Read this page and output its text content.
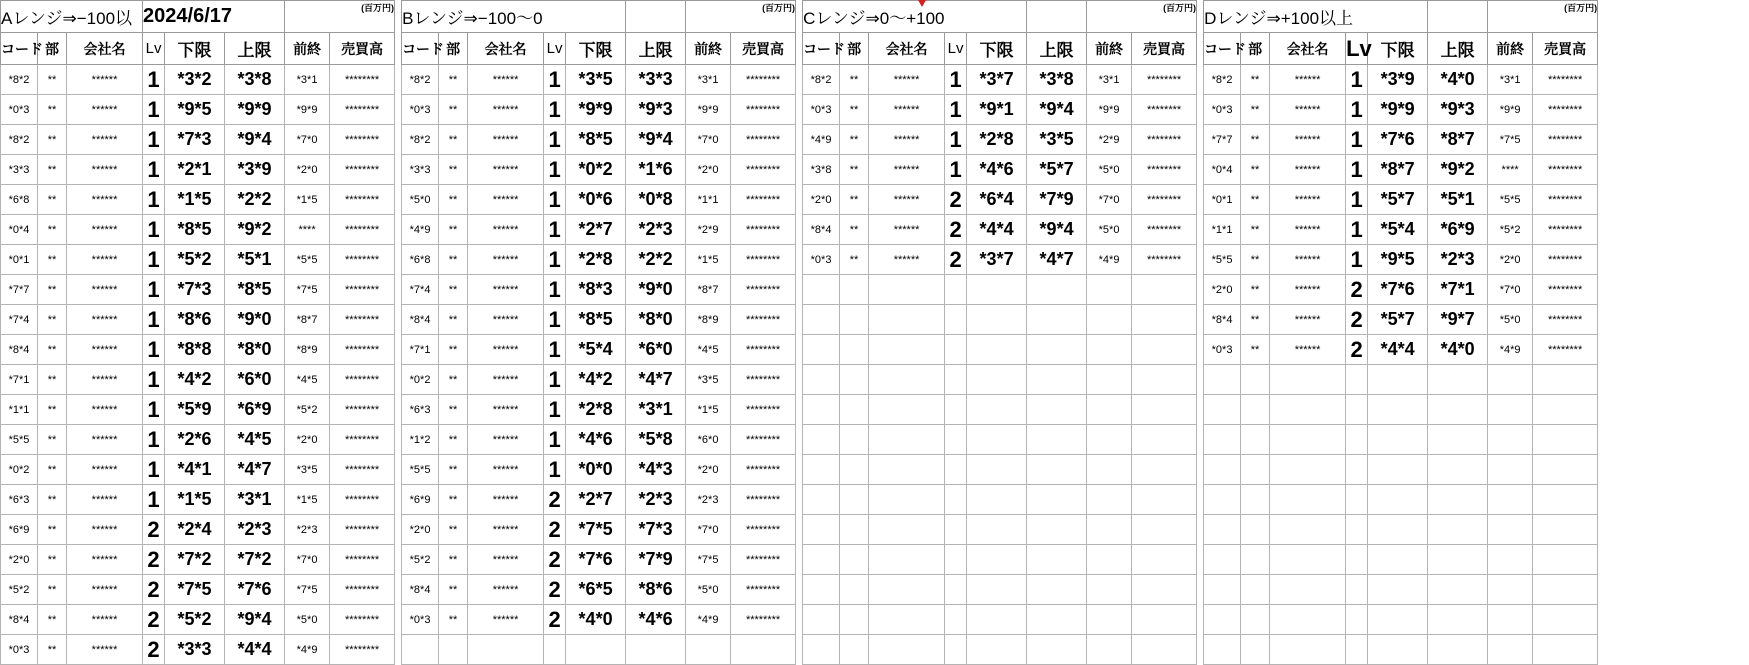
Aレンジ⇒−100以			2024/6/17			(百万円)	
コード	部	会社名	Lv	下限	上限	前終	売買高
*8*2	**	******	1	*3*2	*3*8	*3*1	********
*0*3	**	******	1	*9*5	*9*9	*9*9	********
*8*2	**	******	1	*7*3	*9*4	*7*0	********
*3*3	**	******	1	*2*1	*3*9	*2*0	********
*6*8	**	******	1	*1*5	*2*2	*1*5	********
*0*4	**	******	1	*8*5	*9*2	****	********
*0*1	**	******	1	*5*2	*5*1	*5*5	********
*7*7	**	******	1	*7*3	*8*5	*7*5	********
*7*4	**	******	1	*8*6	*9*0	*8*7	********
*8*4	**	******	1	*8*8	*8*0	*8*9	********
*7*1	**	******	1	*4*2	*6*0	*4*5	********
*1*1	**	******	1	*5*9	*6*9	*5*2	********
*5*5	**	******	1	*2*6	*4*5	*2*0	********
*0*2	**	******	1	*4*1	*4*7	*3*5	********
*6*3	**	******	1	*1*5	*3*1	*1*5	********
*6*9	**	******	2	*2*4	*2*3	*2*3	********
*2*0	**	******	2	*7*2	*7*2	*7*0	********
*5*2	**	******	2	*7*5	*7*6	*7*5	********
*8*4	**	******	2	*5*2	*9*4	*5*0	********
*0*3	**	******	2	*3*3	*4*4	*4*9	********
Bレンジ⇒−100〜0						(百万円)	
コード	部	会社名	Lv	下限	上限	前終	売買高
*8*2	**	******	1	*3*5	*3*3	*3*1	********
*0*3	**	******	1	*9*9	*9*3	*9*9	********
*8*2	**	******	1	*8*5	*9*4	*7*0	********
*3*3	**	******	1	*0*2	*1*6	*2*0	********
*5*0	**	******	1	*0*6	*0*8	*1*1	********
*4*9	**	******	1	*2*7	*2*3	*2*9	********
*6*8	**	******	1	*2*8	*2*2	*1*5	********
*7*4	**	******	1	*8*3	*9*0	*8*7	********
*8*4	**	******	1	*8*5	*8*0	*8*9	********
*7*1	**	******	1	*5*4	*6*0	*4*5	********
*0*2	**	******	1	*4*2	*4*7	*3*5	********
*6*3	**	******	1	*2*8	*3*1	*1*5	********
*1*2	**	******	1	*4*6	*5*8	*6*0	********
*5*5	**	******	1	*0*0	*4*3	*2*0	********
*6*9	**	******	2	*2*7	*2*3	*2*3	********
*2*0	**	******	2	*7*5	*7*3	*7*0	********
*5*2	**	******	2	*7*6	*7*9	*7*5	********
*8*4	**	******	2	*6*5	*8*6	*5*0	********
*0*3	**	******	2	*4*0	*4*6	*4*9	********

Cレンジ⇒0〜+100						(百万円)	
コード	部	会社名	Lv	下限	上限	前終	売買高
*8*2	**	******	1	*3*7	*3*8	*3*1	********
*0*3	**	******	1	*9*1	*9*4	*9*9	********
*4*9	**	******	1	*2*8	*3*5	*2*9	********
*3*8	**	******	1	*4*6	*5*7	*5*0	********
*2*0	**	******	2	*6*4	*7*9	*7*0	********
*8*4	**	******	2	*4*4	*9*4	*5*0	********
*0*3	**	******	2	*3*7	*4*7	*4*9	********

Dレンジ⇒+100以上						(百万円)	
コード	部	会社名	Lv	下限	上限	前終	売買高
*8*2	**	******	1	*3*9	*4*0	*3*1	********
*0*3	**	******	1	*9*9	*9*3	*9*9	********
*7*7	**	******	1	*7*6	*8*7	*7*5	********
*0*4	**	******	1	*8*7	*9*2	****	********
*0*1	**	******	1	*5*7	*5*1	*5*5	********
*1*1	**	******	1	*5*4	*6*9	*5*2	********
*5*5	**	******	1	*9*5	*2*3	*2*0	********
*2*0	**	******	2	*7*6	*7*1	*7*0	********
*8*4	**	******	2	*5*7	*9*7	*5*0	********
*0*3	**	******	2	*4*4	*4*0	*4*9	********
